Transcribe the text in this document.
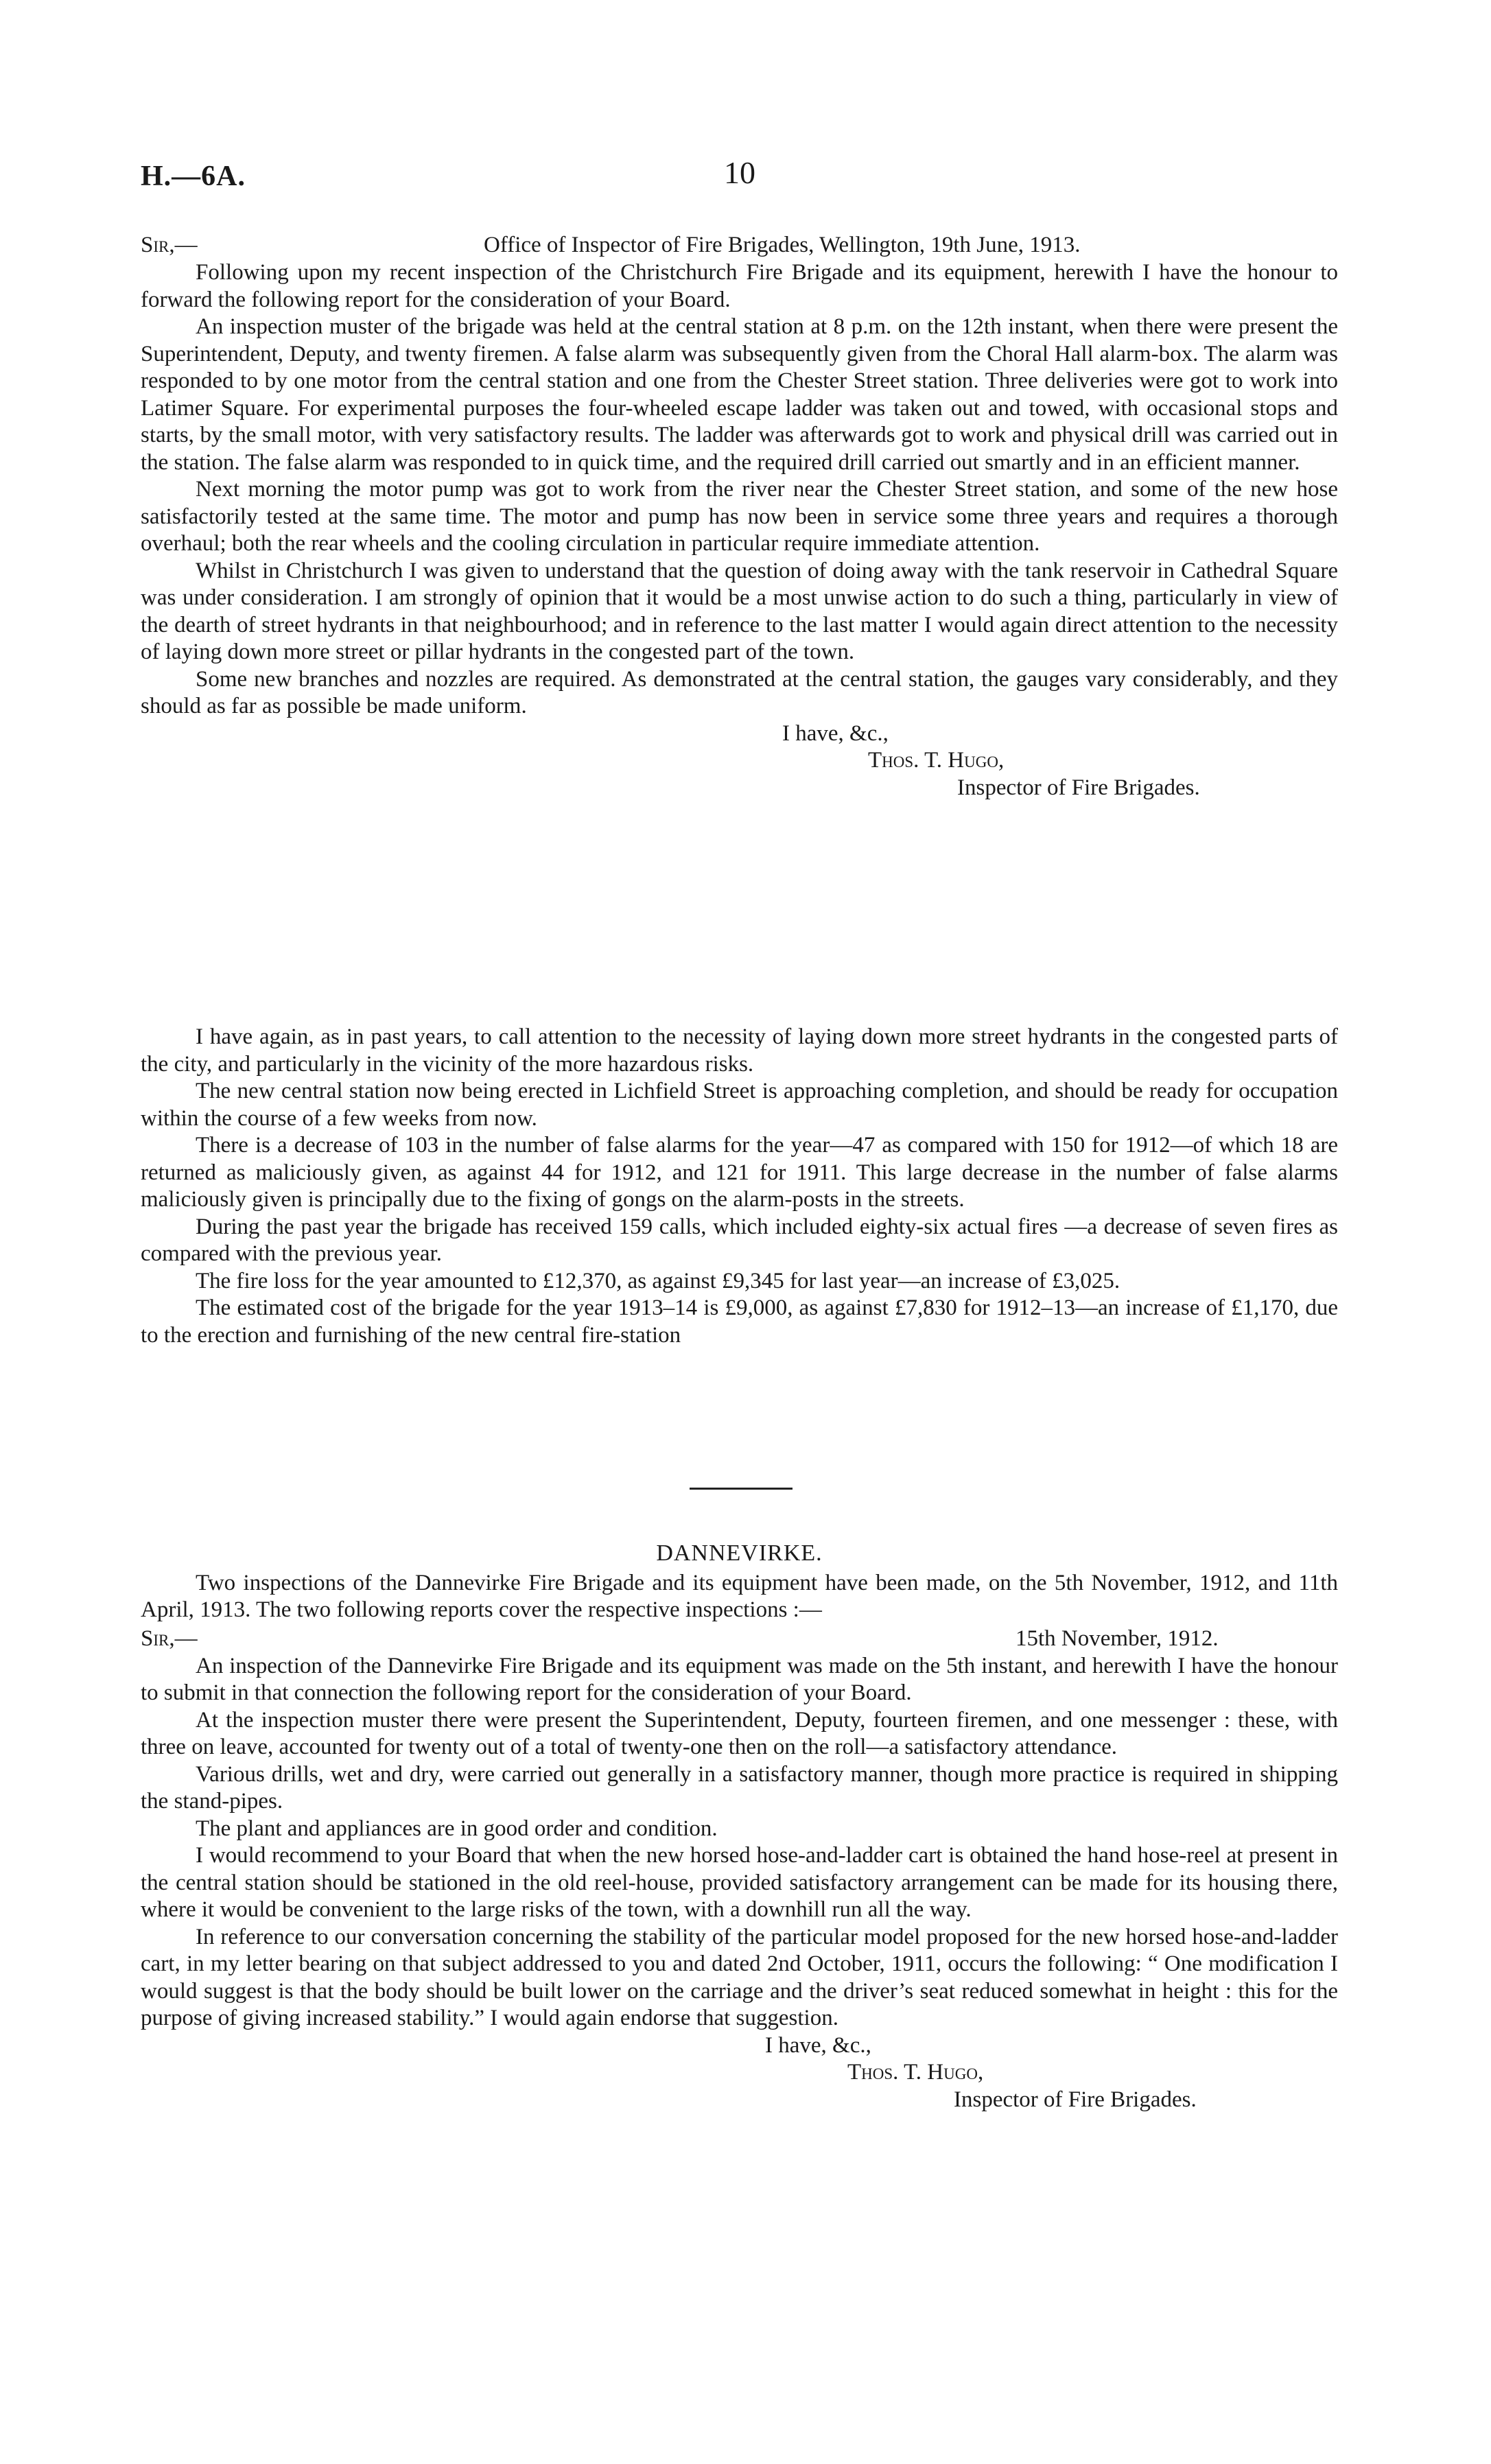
H.—6A.	10
Sir,—	Office of Inspector of Fire Brigades, Wellington, 19th June, 1913.

Following upon my recent inspection of the Christchurch Fire Brigade and its equipment, herewith I have the honour to forward the following report for the consideration of your Board.

An inspection muster of the brigade was held at the central station at 8 p.m. on the 12th instant, when there were present the Superintendent, Deputy, and twenty firemen. A false alarm was subsequently given from the Choral Hall alarm-box. The alarm was responded to by one motor from the central station and one from the Chester Street station. Three deliveries were got to work into Latimer Square. For experimental purposes the four-wheeled escape ladder was taken out and towed, with occasional stops and starts, by the small motor, with very satisfactory results. The ladder was afterwards got to work and physical drill was carried out in the station. The false alarm was responded to in quick time, and the required drill carried out smartly and in an efficient manner.

Next morning the motor pump was got to work from the river near the Chester Street station, and some of the new hose satisfactorily tested at the same time. The motor and pump has now been in service some three years and requires a thorough overhaul; both the rear wheels and the cooling circulation in particular require immediate attention.

Whilst in Christchurch I was given to understand that the question of doing away with the tank reservoir in Cathedral Square was under consideration. I am strongly of opinion that it would be a most unwise action to do such a thing, particularly in view of the dearth of street hydrants in that neighbourhood; and in reference to the last matter I would again direct attention to the necessity of laying down more street or pillar hydrants in the congested part of the town.

Some new branches and nozzles are required. As demonstrated at the central station, the gauges vary considerably, and they should as far as possible be made uniform.

I have, &c.,
Thos. T. Hugo,
Inspector of Fire Brigades.

I have again, as in past years, to call attention to the necessity of laying down more street hydrants in the congested parts of the city, and particularly in the vicinity of the more hazardous risks.

The new central station now being erected in Lichfield Street is approaching completion, and should be ready for occupation within the course of a few weeks from now.

There is a decrease of 103 in the number of false alarms for the year—47 as compared with 150 for 1912—of which 18 are returned as maliciously given, as against 44 for 1912, and 121 for 1911. This large decrease in the number of false alarms maliciously given is principally due to the fixing of gongs on the alarm-posts in the streets.

During the past year the brigade has received 159 calls, which included eighty-six actual fires —a decrease of seven fires as compared with the previous year.

The fire loss for the year amounted to £12,370, as against £9,345 for last year—an increase of £3,025.

The estimated cost of the brigade for the year 1913–14 is £9,000, as against £7,830 for 1912–13—an increase of £1,170, due to the erection and furnishing of the new central fire-station

DANNEVIRKE.

Two inspections of the Dannevirke Fire Brigade and its equipment have been made, on the 5th November, 1912, and 11th April, 1913. The two following reports cover the respective inspections :—

Sir,—	15th November, 1912.

An inspection of the Dannevirke Fire Brigade and its equipment was made on the 5th instant, and herewith I have the honour to submit in that connection the following report for the consideration of your Board.

At the inspection muster there were present the Superintendent, Deputy, fourteen firemen, and one messenger : these, with three on leave, accounted for twenty out of a total of twenty-one then on the roll—a satisfactory attendance.

Various drills, wet and dry, were carried out generally in a satisfactory manner, though more practice is required in shipping the stand-pipes.

The plant and appliances are in good order and condition.

I would recommend to your Board that when the new horsed hose-and-ladder cart is obtained the hand hose-reel at present in the central station should be stationed in the old reel-house, provided satisfactory arrangement can be made for its housing there, where it would be convenient to the large risks of the town, with a downhill run all the way.

In reference to our conversation concerning the stability of the particular model proposed for the new horsed hose-and-ladder cart, in my letter bearing on that subject addressed to you and dated 2nd October, 1911, occurs the following: “ One modification I would suggest is that the body should be built lower on the carriage and the driver’s seat reduced somewhat in height : this for the purpose of giving increased stability.” I would again endorse that suggestion.

I have, &c.,
Thos. T. Hugo,
Inspector of Fire Brigades.
